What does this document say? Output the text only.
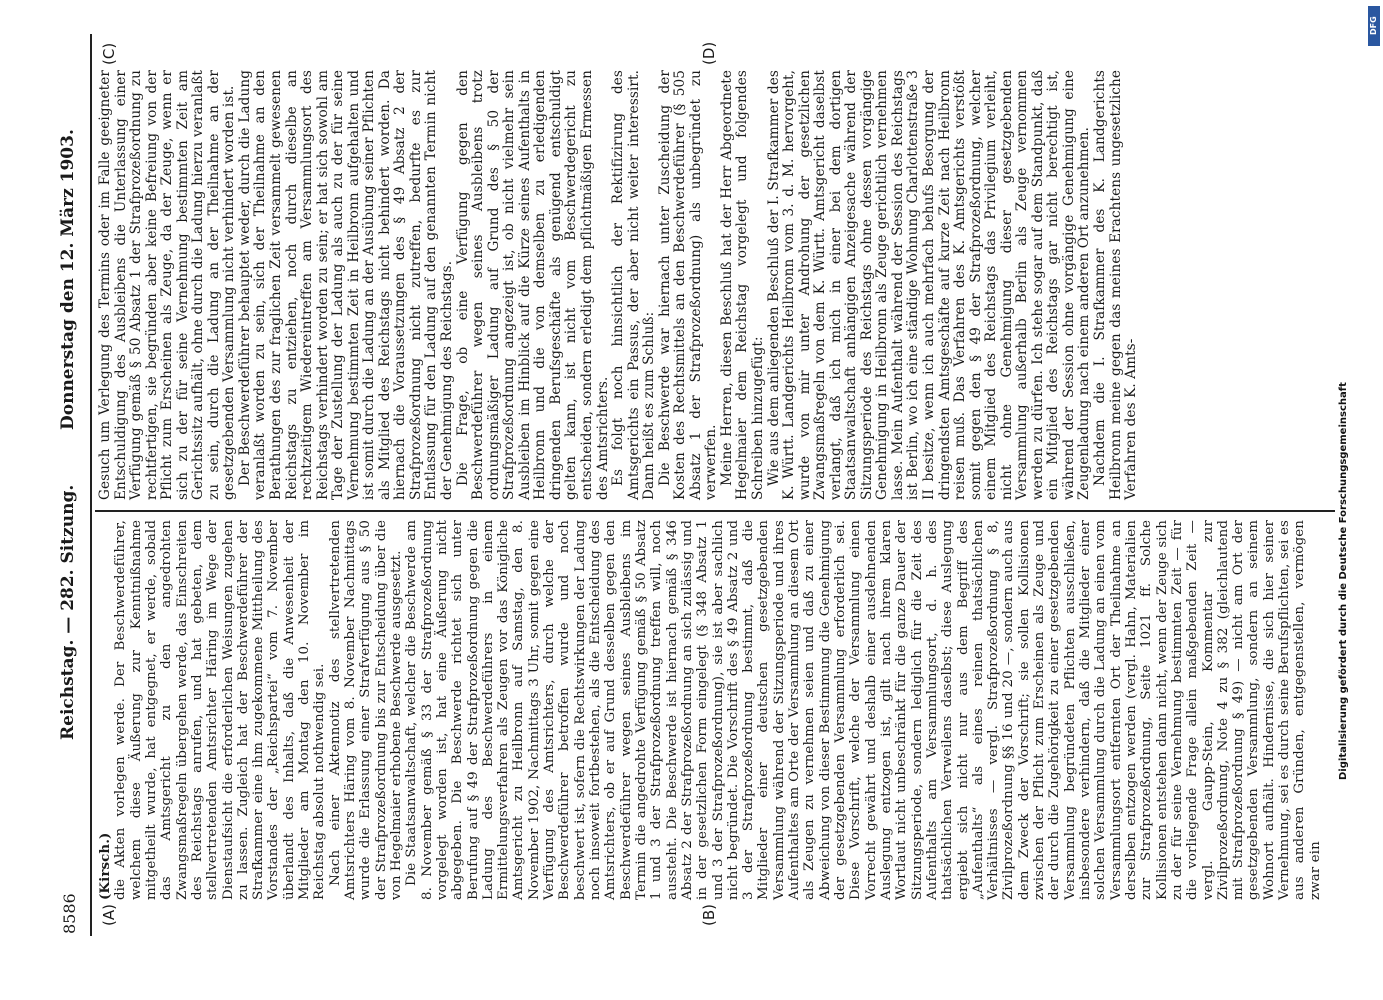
8586
Reichstag. — 282. Sitzung.
Donnerstag den 12. März 1903.
(A)	(B)
(C)	(D)

(Kirsch.) die Akten vorlegen werde. Der Beschwerdeführer, welchem diese Äußerung zur Kenntnißnahme mitgetheilt wurde, hat entgegnet, er werde, sobald das Amtsgericht zu den angedrohten Zwangsmaßregeln übergehen werde, das Einschreiten des Reichstags anrufen, und hat gebeten, dem stellvertretenden Amtsrichter Häring im Wege der Dienstaufsicht die erforderlichen Weisungen zugehen zu lassen. Zugleich hat der Beschwerdeführer der Strafkammer eine ihm zugekommene Mittheilung des Vorstandes der „Reichspartei“ vom 7. November überlandt des Inhalts, daß die Anwesenheit der Mitglieder am Montag den 10. November im Reichstag absolut nothwendig sei. Nach einer Aktennotiz des stellvertretenden Amtsrichters Häring vom 8. November Nachmittags wurde die Erlassung einer Strafverfügung aus § 50 der Strafprozeßordnung bis zur Entscheidung über die von Hegelmaier erhobene Beschwerde ausgesetzt. Die Staatsanwaltschaft, welcher die Beschwerde am 8. November gemäß § 33 der Strafprozeßordnung vorgelegt worden ist, hat eine Äußerung nicht abgegeben. Die Beschwerde richtet sich unter Berufung auf § 49 der Strafprozeßordnung gegen die Ladung des Beschwerdeführers in einem Ermittelungsverfahren als Zeugen vor das Königliche Amtsgericht zu Heilbronn auf Samstag, den 8. November 1902, Nachmittags 3 Uhr, somit gegen eine Verfügung des Amtsrichters, durch welche der Beschwerdeführer betroffen wurde und noch beschwert ist, sofern die Rechtswirkungen der Ladung noch insoweit fortbestehen, als die Entscheidung des Amtsrichters, ob er auf Grund desselben gegen den Beschwerdeführer wegen seines Ausbleibens im Termin die angedrohte Verfügung gemäß § 50 Absatz 1 und 3 der Strafprozeßordnung treffen will, noch aussteht. Die Beschwerde ist hiernach gemäß § 346 Absatz 2 der Strafprozeßordnung an sich zulässig und in der gesetzlichen Form eingelegt (§ 348 Absatz 1 und 3 der Strafprozeßordnung), sie ist aber sachlich nicht begründet. Die Vorschrift des § 49 Absatz 2 und 3 der Strafprozeßordnung bestimmt, daß die Mitglieder einer deutschen gesetzgebenden Versammlung während der Sitzungsperiode und ihres Aufenthaltes am Orte der Versammlung an diesem Ort als Zeugen zu vernehmen seien und daß zu einer Abweichung von dieser Bestimmung die Genehmigung der gesetzgebenden Versammlung erforderlich sei. Diese Vorschrift, welche der Versammlung einen Vorrecht gewährt und deshalb einer ausdehnenden Auslegung entzogen ist, gilt nach ihrem klaren Wortlaut nicht unbeschränkt für die ganze Dauer der Sitzungsperiode, sondern lediglich für die Zeit des Aufenthalts am Versammlungsort, d. h. des thatsächlichen Verweilens daselbst; diese Auslegung ergiebt sich nicht nur aus dem Begriff des „Aufenthalts“ als eines reinen thatsächlichen Verhältnisses — vergl. Strafprozeßordnung § 8, Zivilprozeßordnung §§ 16 und 20 —, sondern auch aus dem Zweck der Vorschrift; sie sollen Kollisionen zwischen der Pflicht zum Erscheinen als Zeuge und der durch die Zugehörigkeit zu einer gesetzgebenden Versammlung begründeten Pflichten ausschließen, insbesondere verhindern, daß die Mitglieder einer solchen Versammlung durch die Ladung an einen vom Versammlungsort entfernten Ort der Theilnahme an derselben entzogen werden (vergl. Hahn, Materialien zur Strafprozeßordnung, Seite 1021 ff. Solche Kollisionen entstehen dann nicht, wenn der Zeuge sich zu der für seine Vernehmung bestimmten Zeit — für die vorliegende Frage allein maßgebenden Zeit — vergl. Gaupp-Stein, Kommentar zur Zivilprozeßordnung, Note 4 zu § 382 (gleichlautend mit Strafprozeßordnung § 49) — nicht am Ort der gesetzgebenden Versammlung, sondern an seinem Wohnort aufhält. Hindernisse, die sich hier seiner Vernehmung, sei es durch seine Berufspflichten, sei es aus anderen Gründen, entgegenstellen, vermögen zwar ein

Gesuch um Verlegung des Termins oder im Falle geeigneter Entschuldigung des Ausbleibens die Unterlassung einer Verfügung gemäß § 50 Absatz 1 der Strafprozeßordnung zu rechtfertigen, sie begründen aber keine Befreiung von der Pflicht zum Erscheinen als Zeuge, da der Zeuge, wenn er sich zu der für seine Vernehmung bestimmten Zeit am Gerichtssitz aufhält, ohne durch die Ladung hierzu veranlaßt zu sein, durch die Ladung an der Theilnahme an der gesetzgebenden Versammlung nicht verhindert worden ist. Der Beschwerdeführer behauptet weder, durch die Ladung veranlaßt worden zu sein, sich der Theilnahme an den Berathungen des zur fraglichen Zeit versammelt gewesenen Reichstags zu entziehen, noch durch dieselbe an rechtzeitigem Wiedereintreffen am Versammlungsort des Reichstags verhindert worden zu sein; er hat sich sowohl am Tage der Zustellung der Ladung als auch zu der für seine Vernehmung bestimmten Zeit in Heilbronn aufgehalten und ist somit durch die Ladung an der Ausübung seiner Pflichten als Mitglied des Reichstags nicht behindert worden. Da hiernach die Voraussetzungen des § 49 Absatz 2 der Strafprozeßordnung nicht zutreffen, bedurfte es zur Entlassung für den Ladung auf den genannten Termin nicht der Genehmigung des Reichstags. Die Frage, ob eine Verfügung gegen den Beschwerdeführer wegen seines Ausbleibens trotz ordnungsmäßiger Ladung auf Grund des § 50 der Strafprozeßordnung angezeigt ist, ob nicht vielmehr sein Ausbleiben im Hinblick auf die Kürze seines Aufenthalts in Heilbronn und die von demselben zu erledigenden dringenden Berufsgeschäfte als genügend entschuldigt gelten kann, ist nicht vom Beschwerdegericht zu entscheiden, sondern erledigt dem pflichtmäßigen Ermessen des Amtsrichters. Es folgt noch hinsichtlich der Rektifizirung des Amtsgerichts ein Passus, der aber nicht weiter interessirt. Dann heißt es zum Schluß: Die Beschwerde war hiernach unter Zuscheidung der Kosten des Rechtsmittels an den Beschwerdeführer (§ 505 Absatz 1 der Strafprozeßordnung) als unbegründet zu verwerfen. Meine Herren, diesen Beschluß hat der Herr Abgeordnete Hegelmaier dem Reichstag vorgelegt und folgendes Schreiben hinzugefügt: Wie aus dem anliegenden Beschluß der I. Strafkammer des K. Württ. Landgerichts Heilbronn vom 3. d. M. hervorgeht, wurde von mir unter Androhung der gesetzlichen Zwangsmaßregeln von dem K. Württ. Amtsgericht daselbst verlangt, daß ich mich in einer bei dem dortigen Staatsanwaltschaft anhängigen Anzeigesache während der Sitzungsperiode des Reichstags ohne dessen vorgängige Genehmigung in Heilbronn als Zeuge gerichtlich vernehmen lasse. Mein Aufenthalt während der Session des Reichstags ist Berlin, wo ich eine ständige Wohnung Charlottenstraße 3 II besitze, wenn ich auch mehrfach behufs Besorgung der dringendsten Amtsgeschäfte auf kurze Zeit nach Heilbronn reisen muß. Das Verfahren des K. Amtsgerichts verstößt somit gegen den § 49 der Strafprozeßordnung, welcher einem Mitglied des Reichstags das Privilegium verleiht, nicht ohne Genehmigung dieser gesetzgebenden Versammlung außerhalb Berlin als Zeuge vernommen werden zu dürfen. Ich stehe sogar auf dem Standpunkt, daß ein Mitglied des Reichstags gar nicht berechtigt ist, während der Session ohne vorgängige Genehmigung eine Zeugenladung nach einem anderen Ort anzunehmen. Nachdem die I. Strafkammer des K. Landgerichts Heilbronn meine gegen das meines Erachtens ungesetzliche Verfahren des K. Amts-	Digitalisierung gefördert durch die Deutsche Forschungsgemeinschaft
DFG
